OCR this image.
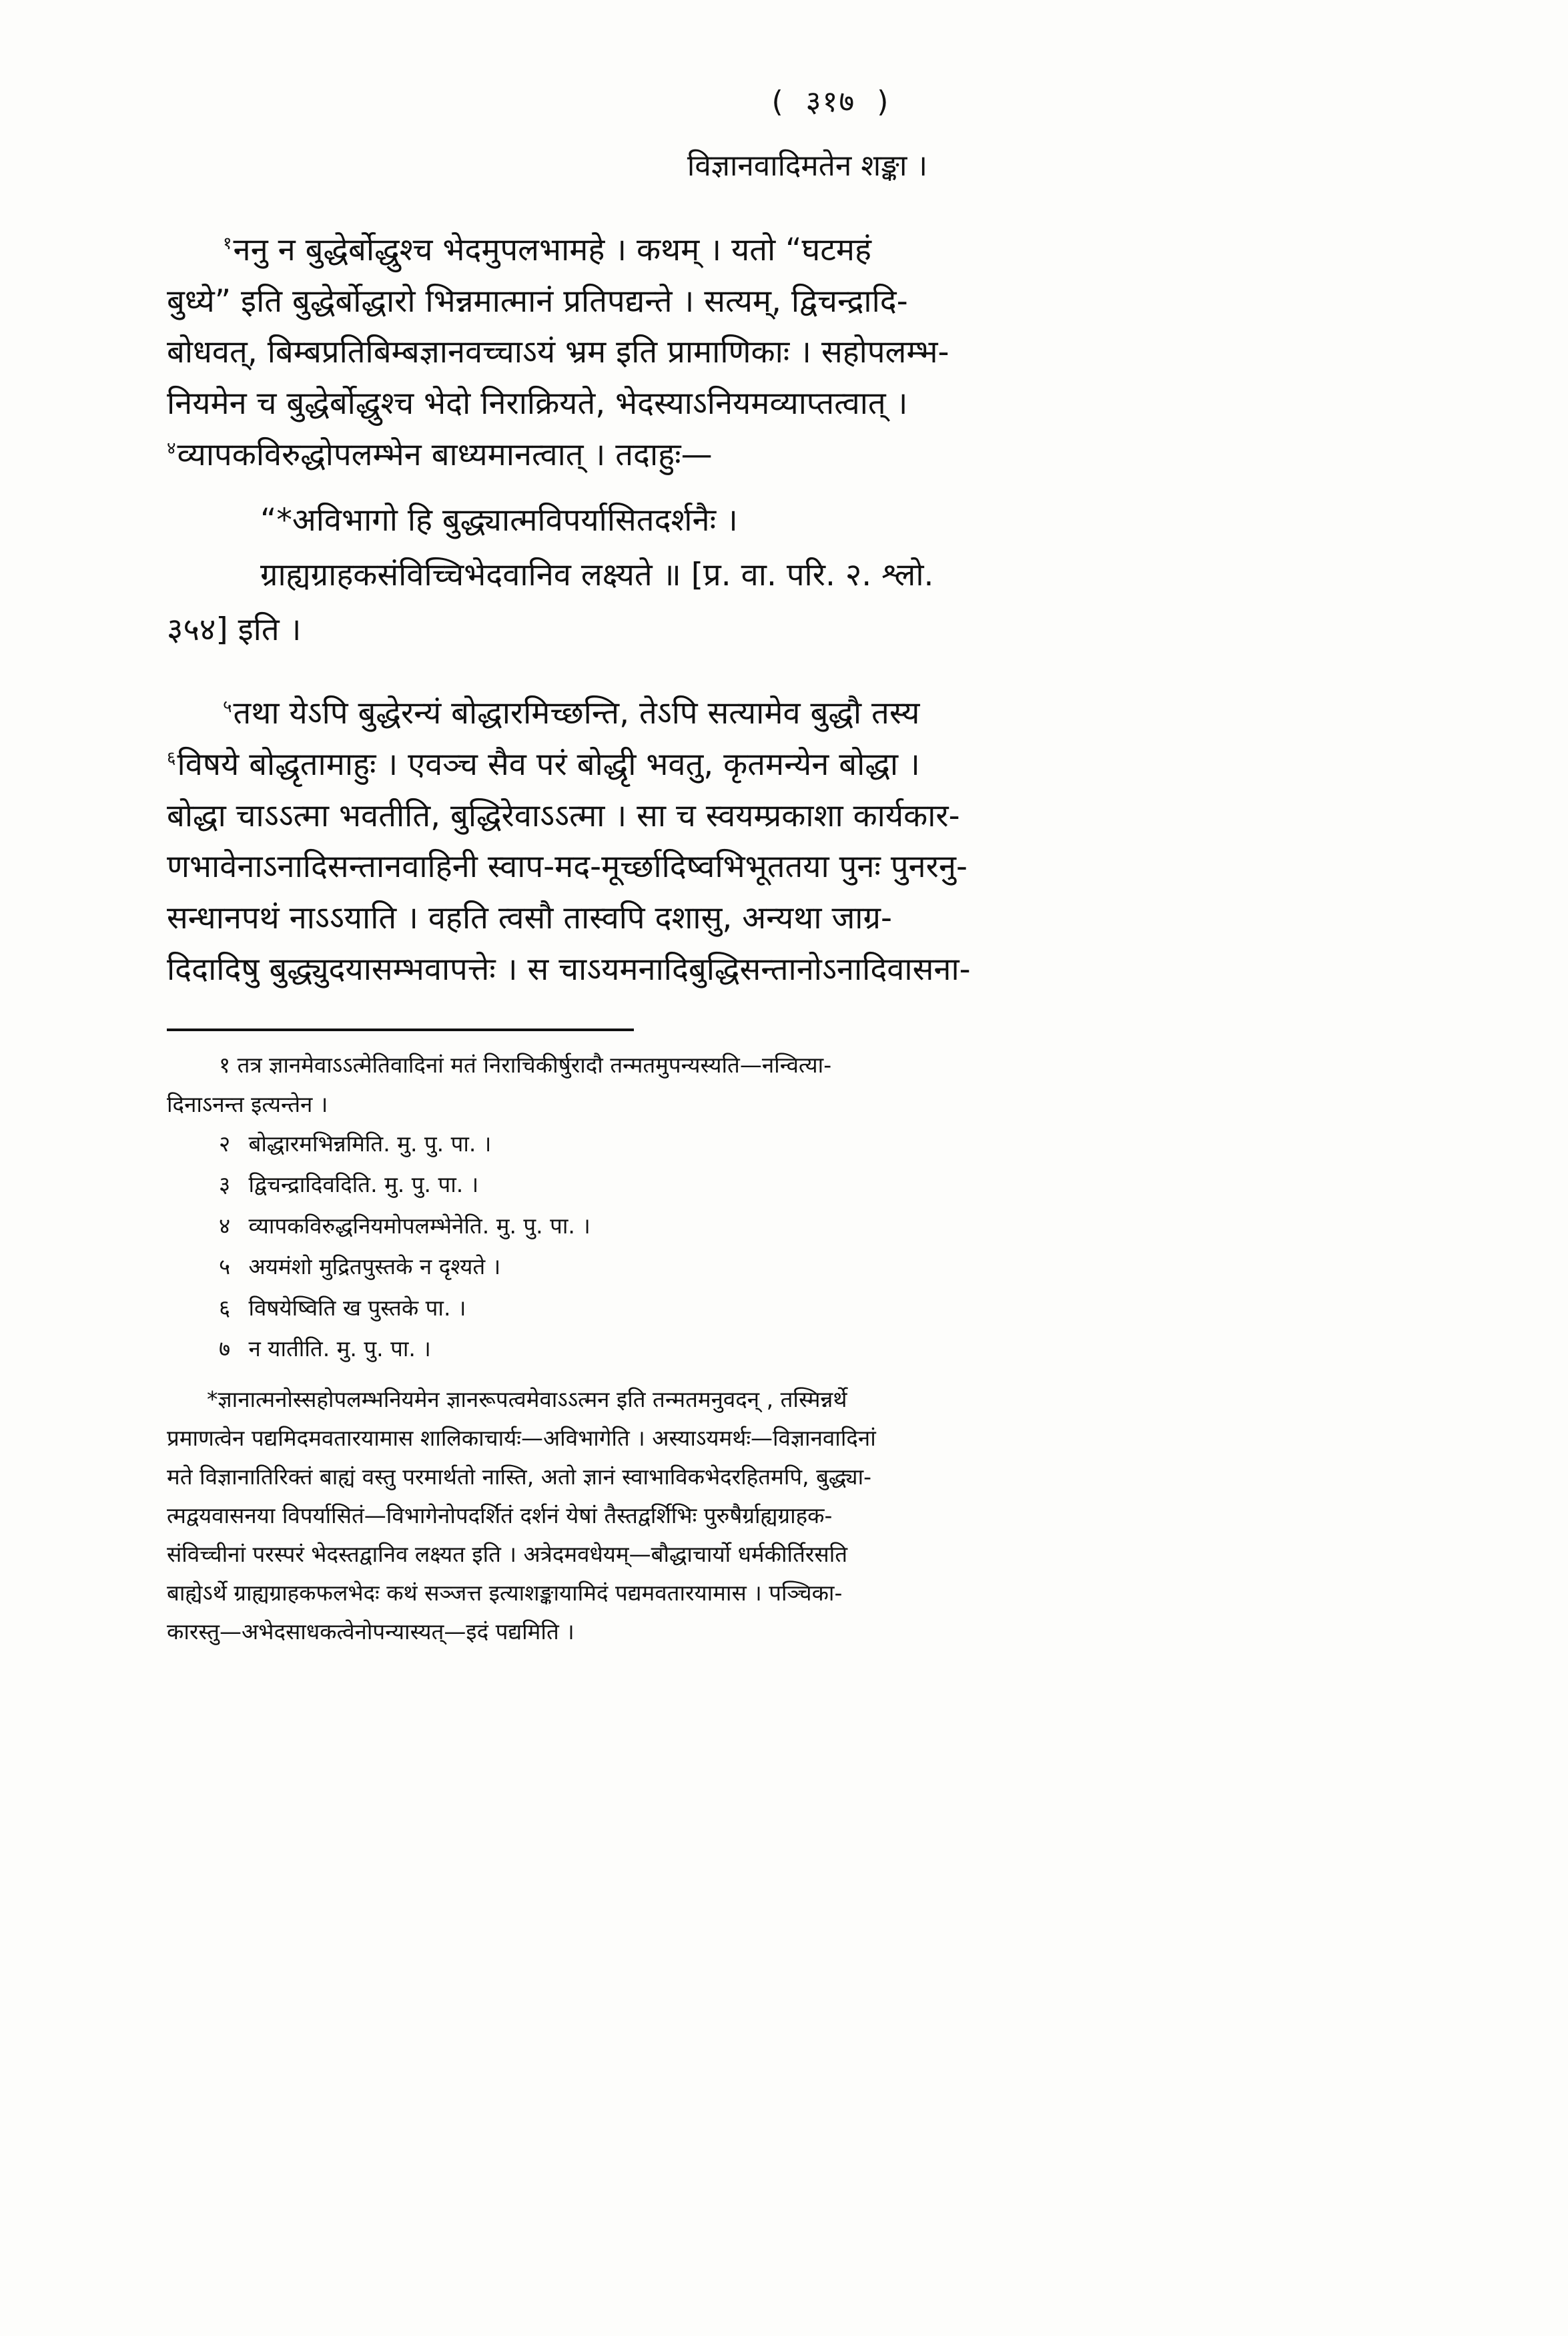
(  ३१७  )
विज्ञानवादिमतेन शङ्का ।

$^१$ननु न बुद्धेर्बोद्धुश्च भेदमुपलभामहे । कथम् । यतो “घटमहं

बुध्ये” इति बुद्धेर्बोद्धारो भिन्नमात्मानं प्रतिपद्यन्ते । सत्यम्, द्विचन्द्रादि-

बोधवत्, बिम्बप्रतिबिम्बज्ञानवच्चाऽयं भ्रम इति प्रामाणिकाः । सहोपलम्भ-

नियमेन च बुद्धेर्बोद्धुश्च भेदो निराक्रियते, भेदस्याऽनियमव्याप्तत्वात् ।

$^४$व्यापकविरुद्धोपलम्भेन बाध्यमानत्वात् । तदाहुः—

“*अविभागो हि बुद्ध्यात्मविपर्यासितदर्शनैः ।
ग्राह्यग्राहकसंविच्चिभेदवानिव लक्ष्यते ॥ [प्र. वा. परि. २. श्लो.
३५४] इति ।

$^५$तथा येऽपि बुद्धेरन्यं बोद्धारमिच्छन्ति, तेऽपि सत्यामेव बुद्धौ तस्य

$^६$विषये बोद्धृतामाहुः । एवञ्च सैव परं बोद्धृी भवतु, कृतमन्येन बोद्धा ।

बोद्धा चाऽऽत्मा भवतीति, बुद्धिरेवाऽऽत्मा । सा च स्वयम्प्रकाशा कार्यकार-

णभावेनाऽनादिसन्तानवाहिनी स्वाप-मद-मूर्च्छादिष्वभिभूततया पुनः पुनरनु-

सन्धानपथं नाऽऽयाति । वहति त्वसौ तास्वपि दशासु, अन्यथा जाग्र-

दिदादिषु बुद्ध्युदयासम्भवापत्तेः । स चाऽयमनादिबुद्धिसन्तानोऽनादिवासना-

१ तत्र ज्ञानमेवाऽऽत्मेतिवादिनां मतं निराचिकीर्षुरादौ तन्मतमुपन्यस्यति—नन्वित्या-
दिनाऽनन्त इत्यन्तेन ।
२ बोद्धारमभिन्नमिति. मु. पु. पा. ।
३ द्विचन्द्रादिवदिति. मु. पु. पा. ।
४ व्यापकविरुद्धनियमोपलम्भेनेति. मु. पु. पा. ।
५ अयमंशो मुद्रितपुस्तके न दृश्यते ।
६ विषयेष्विति ख पुस्तके पा. ।
७ न यातीति. मु. पु. पा. ।

*ज्ञानात्मनोस्सहोपलम्भनियमेन ज्ञानरूपत्वमेवाऽऽत्मन इति तन्मतमनुवदन् , तस्मिन्नर्थे

प्रमाणत्वेन पद्यमिदमवतारयामास शालिकाचार्यः—अविभागेति । अस्याऽयमर्थः—विज्ञानवादिनां

मते विज्ञानातिरिक्तं बाह्यं वस्तु परमार्थतो नास्ति, अतो ज्ञानं स्वाभाविकभेदरहितमपि, बुद्ध्या-

त्मद्वयवासनया विपर्यासितं—विभागेनोपदर्शितं दर्शनं येषां तैस्तद्वर्शिभिः पुरुषैर्ग्राह्यग्राहक-

संविच्चीनां परस्परं भेदस्तद्वानिव लक्ष्यत इति । अत्रेदमवधेयम्—बौद्धाचार्यो धर्मकीर्तिरसति

बाह्येऽर्थे ग्राह्यग्राहकफलभेदः कथं सञ्जत्त इत्याशङ्कायामिदं पद्यमवतारयामास । पञ्चिका-

कारस्तु—अभेदसाधकत्वेनोपन्यास्यत्—इदं पद्यमिति ।
